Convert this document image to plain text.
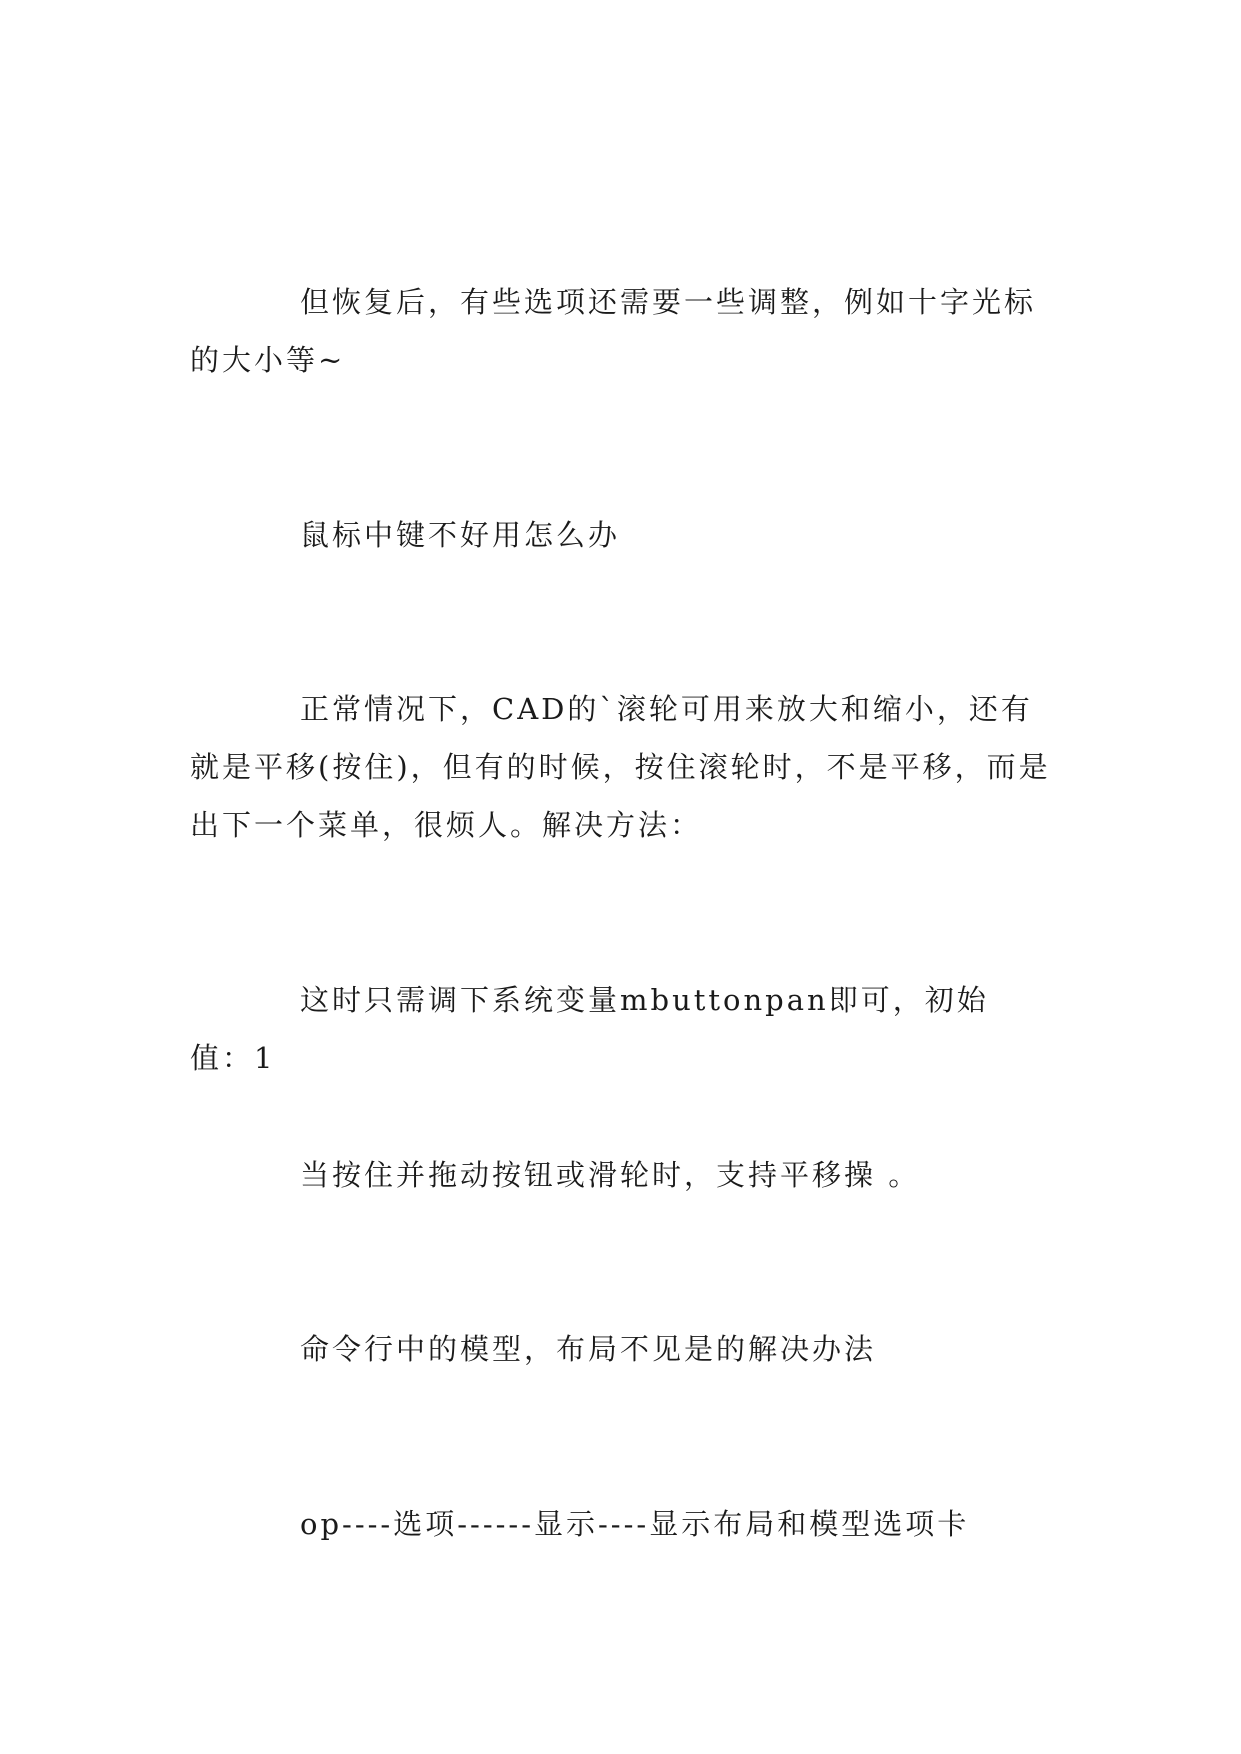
但恢复后，有些选项还需要一些调整，例如十字光标的大小等~

鼠标中键不好用怎么办

正常情况下，CAD的`滚轮可用来放大和缩小，还有就是平移(按住)，但有的时候，按住滚轮时，不是平移，而是出下一个菜单，很烦人。解决方法：

这时只需调下系统变量mbuttonpan即可，初始值：1

当按住并拖动按钮或滑轮时，支持平移操 。

命令行中的模型，布局不见是的解决办法

op----选项------显示----显示布局和模型选项卡
